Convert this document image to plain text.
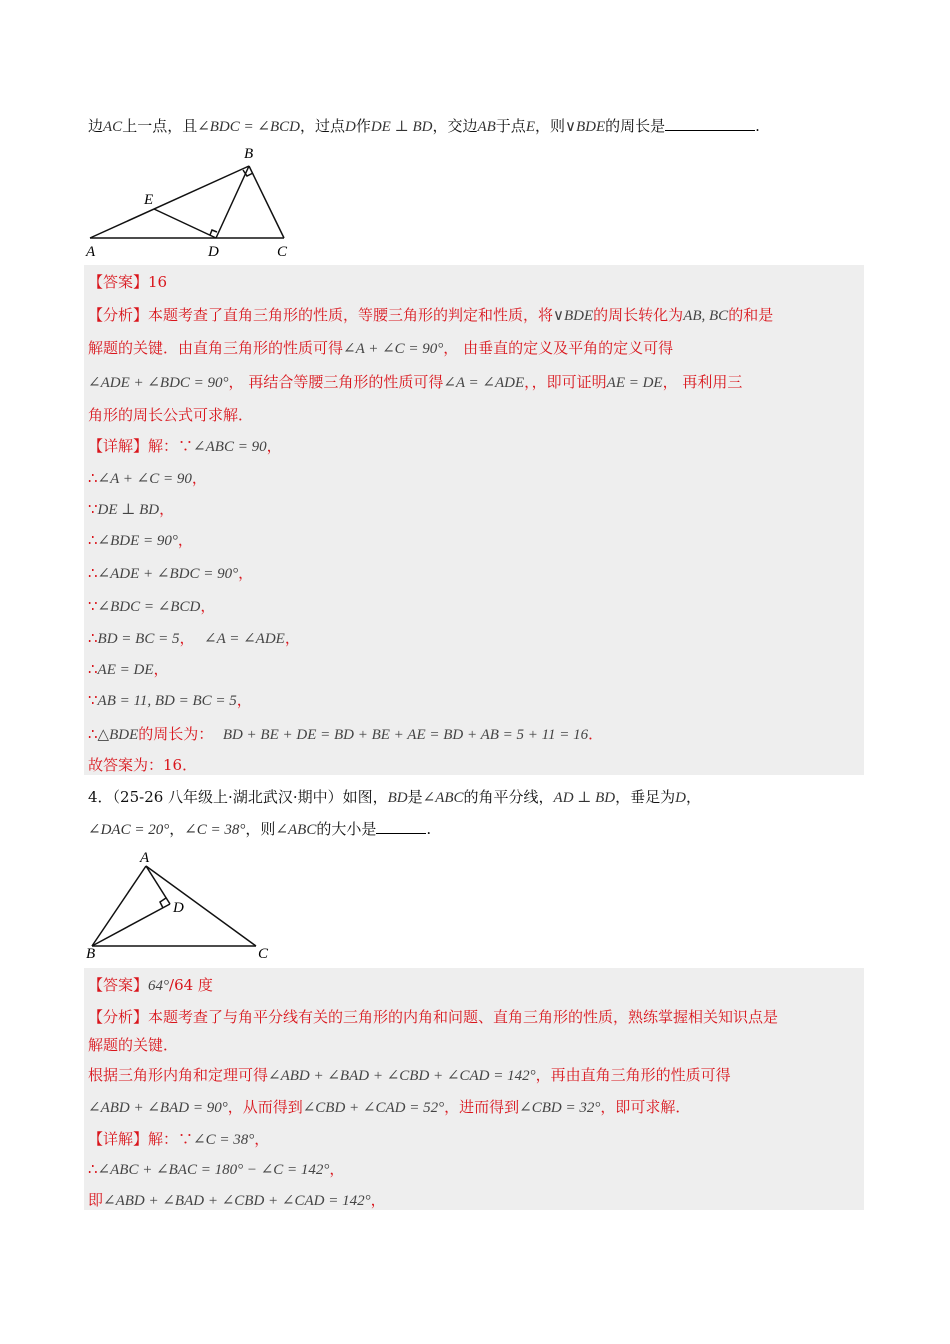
边AC上一点，且∠BDC = ∠BCD，过点D作DE ⊥ BD，交边AB于点E，则∨BDE的周长是	.
B
E
A	D	C
【答案】16
【分析】本题考查了直角三角形的性质，等腰三角形的判定和性质，将∨BDE的周长转化为AB, BC的和是
解题的关键．由直角三角形的性质可得∠A + ∠C = 90°， 由垂直的定义及平角的定义可得
∠ADE + ∠BDC = 90°， 再结合等腰三角形的性质可得∠A = ∠ADE，，即可证明AE = DE， 再利用三
角形的周长公式可求解．
【详解】解：∵∠ABC = 90，
∴∠A + ∠C = 90，
∵DE ⊥ BD，
∴∠BDE = 90°，
∴∠ADE + ∠BDC = 90°，
∵∠BDC = ∠BCD，
∴BD = BC = 5， ∠A = ∠ADE，
∴AE = DE，
∵AB = 11, BD = BC = 5，
∴△BDE的周长为： BD + BE + DE = BD + BE + AE = BD + AB = 5 + 11 = 16．
故答案为：16．
4．（25-26 八年级上·湖北武汉·期中）如图，BD是∠ABC的角平分线，AD ⊥ BD，垂足为D，
∠DAC = 20°，∠C = 38°，则∠ABC的大小是	.
A
D
B	C
【答案】64°/64 度
【分析】本题考查了与角平分线有关的三角形的内角和问题、直角三角形的性质，熟练掌握相关知识点是
解题的关键．
根据三角形内角和定理可得∠ABD + ∠BAD + ∠CBD + ∠CAD = 142°，再由直角三角形的性质可得
∠ABD + ∠BAD = 90°，从而得到∠CBD + ∠CAD = 52°，进而得到∠CBD = 32°，即可求解．
【详解】解：∵∠C = 38°，
∴∠ABC + ∠BAC = 180° − ∠C = 142°，
即∠ABD + ∠BAD + ∠CBD + ∠CAD = 142°，
